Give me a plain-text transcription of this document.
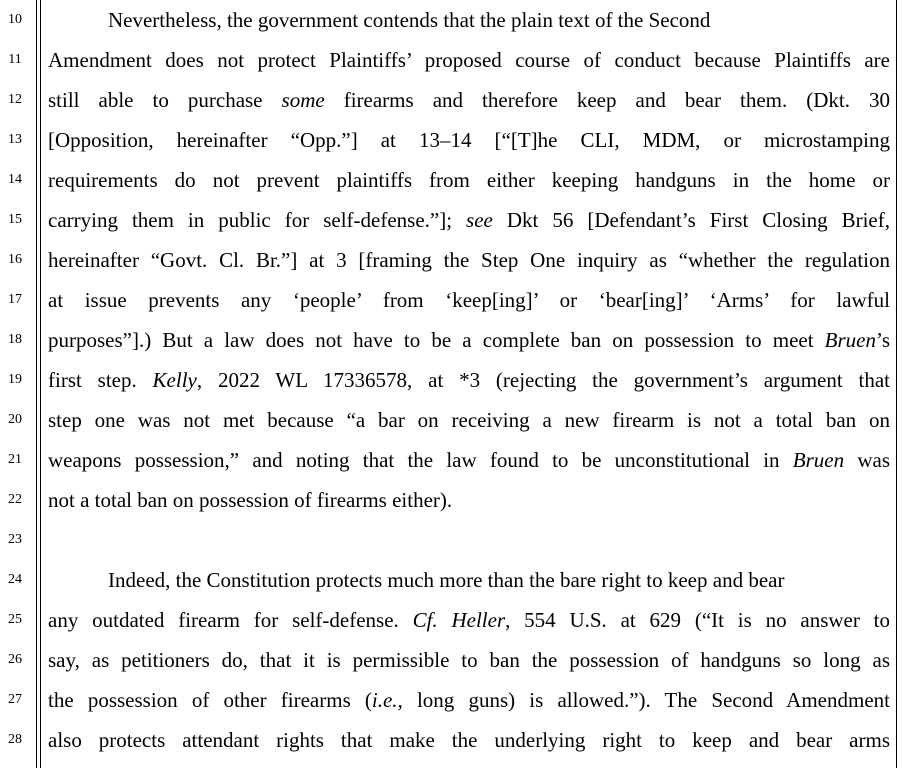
10	Nevertheless, the government contends that the plain text of the Second
11	Amendment does not protect Plaintiffs’ proposed course of conduct because Plaintiffs are
12	still able to purchase some firearms and therefore keep and bear them. (Dkt. 30
13	[Opposition, hereinafter “Opp.”] at 13–14 [“[T]he CLI, MDM, or microstamping
14	requirements do not prevent plaintiffs from either keeping handguns in the home or
15	carrying them in public for self-defense.”]; see Dkt 56 [Defendant’s First Closing Brief,
16	hereinafter “Govt. Cl. Br.”] at 3 [framing the Step One inquiry as “whether the regulation
17	at issue prevents any ‘people’ from ‘keep[ing]’ or ‘bear[ing]’ ‘Arms’ for lawful
18	purposes”].) But a law does not have to be a complete ban on possession to meet Bruen’s
19	first step. Kelly, 2022 WL 17336578, at *3 (rejecting the government’s argument that
20	step one was not met because “a bar on receiving a new firearm is not a total ban on
21	weapons possession,” and noting that the law found to be unconstitutional in Bruen was
22	not a total ban on possession of firearms either).
23
24	Indeed, the Constitution protects much more than the bare right to keep and bear
25	any outdated firearm for self-defense. Cf. Heller, 554 U.S. at 629 (“It is no answer to
26	say, as petitioners do, that it is permissible to ban the possession of handguns so long as
27	the possession of other firearms (i.e., long guns) is allowed.”). The Second Amendment
28	also protects attendant rights that make the underlying right to keep and bear arms
